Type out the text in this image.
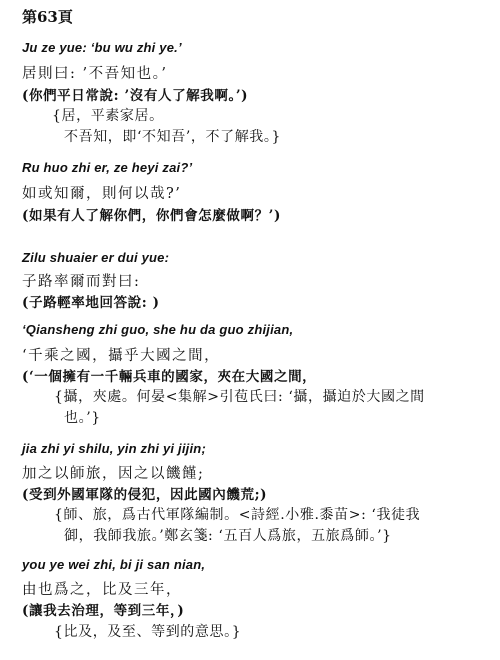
第63頁
Ju ze yue: ‘bu wu zhi ye.’
居則曰: ’不吾知也。’
(你們平日常說: ’沒有人了解我啊。’)
{居，平素家居。
不吾知，即‘不知吾’，不了解我。}
Ru huo zhi er, ze heyi zai?’
如或知爾，則何以哉?’
(如果有人了解你們，你們會怎麼做啊？’)
Zilu shuaier er dui yue:
子路率爾而對曰:
(子路輕率地回答說: )
‘Qiansheng zhi guo, she hu da guo zhijian,
‘千乘之國，攝乎大國之間，
(‘一個擁有一千輛兵車的國家，夾在大國之間，
{攝，夾處。何晏<集解>引苞氏曰: ‘攝，攝迫於大國之間
也。’}
jia zhi yi shilu, yin zhi yi jijin;
加之以師旅，因之以饑饉;
(受到外國軍隊的侵犯，因此國內饑荒;)
{師、旅，爲古代軍隊編制。<詩經.小雅.黍苗>: ‘我徒我
御，我師我旅。’鄭玄箋: ‘五百人爲旅，五旅爲師。’}
you ye wei zhi, bi ji san nian,
由也爲之，比及三年，
(讓我去治理，等到三年，)
{比及，及至、等到的意思。}
